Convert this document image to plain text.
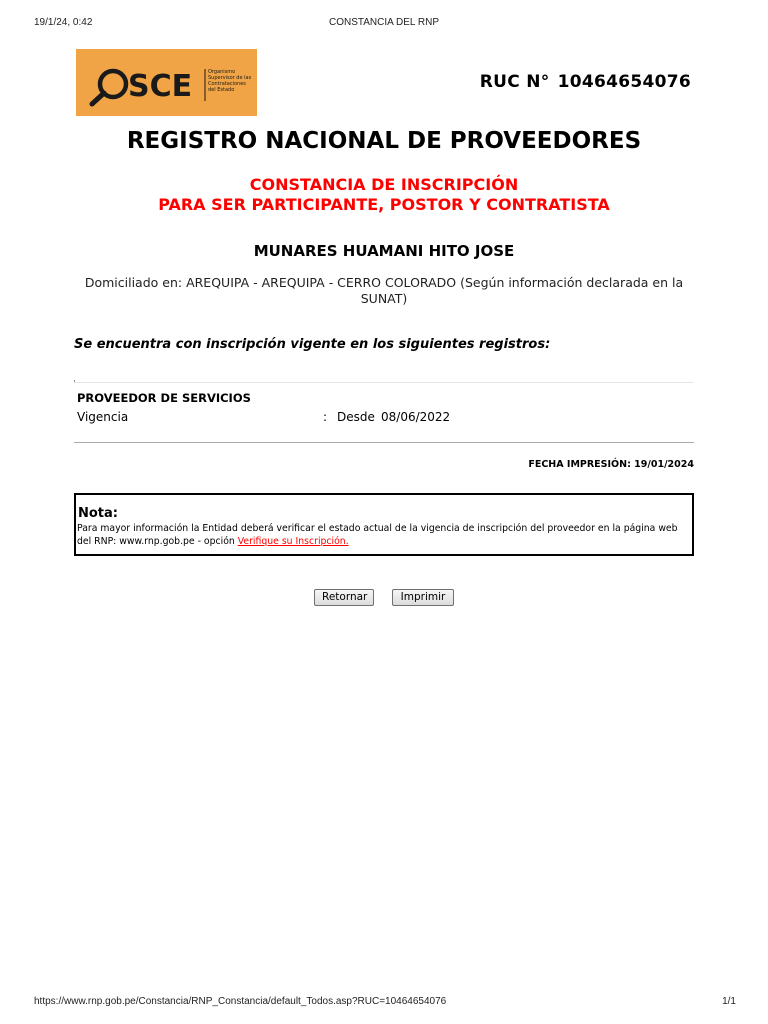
19/1/24, 0:42	CONSTANCIA DEL RNP
SCE	Organismo Supervisor de las Contrataciones del Estado	RUC N° 10464654076
REGISTRO NACIONAL DE PROVEEDORES
CONSTANCIA DE INSCRIPCIÓN
PARA SER PARTICIPANTE, POSTOR Y CONTRATISTA
MUNARES HUAMANI HITO JOSE
Domiciliado en: AREQUIPA - AREQUIPA - CERRO COLORADO (Según información declarada en la SUNAT)
Se encuentra con inscripción vigente en los siguientes registros:
PROVEEDOR DE SERVICIOS
Vigencia	: Desde 08/06/2022
FECHA IMPRESIÓN: 19/01/2024
Nota:
Para mayor información la Entidad deberá verificar el estado actual de la vigencia de inscripción del proveedor en la página web del RNP: www.rnp.gob.pe - opción Verifique su Inscripción.
Retornar	Imprimir
https://www.rnp.gob.pe/Constancia/RNP_Constancia/default_Todos.asp?RUC=10464654076	1/1
